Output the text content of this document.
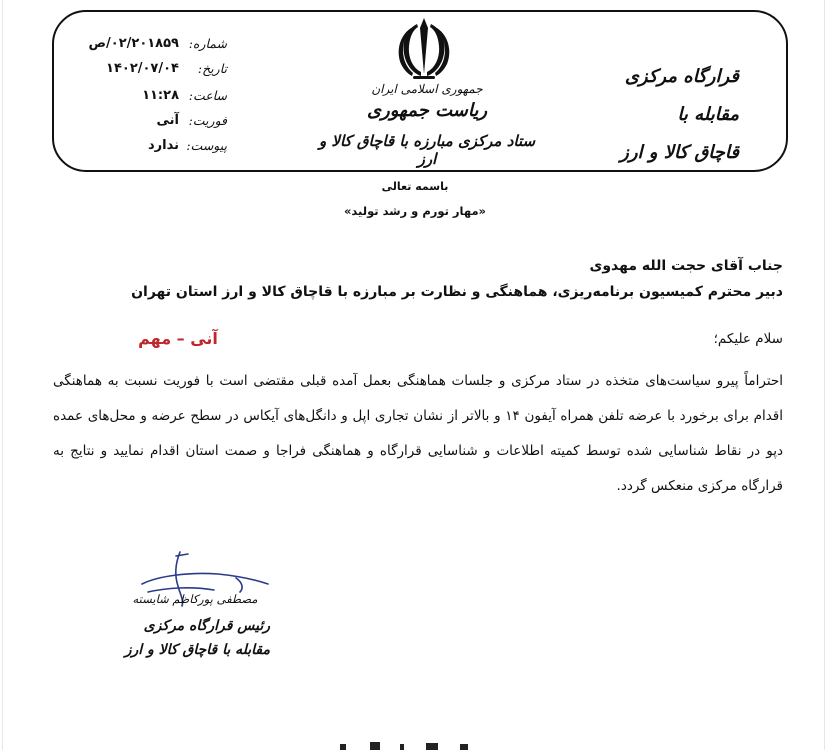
شماره:
۰۲/۲۰۱۸۵۹/ص
تاریخ:
۱۴۰۲/۰۷/۰۴
ساعت:
۱۱:۲۸
فوریت:
آنی
پیوست:
ندارد
جمهوری اسلامی ایران
ریاست جمهوری
ستاد مرکزی مبارزه با قاچاق کالا و ارز
قرارگاه مرکزی مقابله با
قاچاق کالا و ارز
باسمه تعالی
«مهار تورم و رشد تولید»
جناب آقای حجت الله مهدوی
دبیر محترم کمیسیون برنامه‌ریزی، هماهنگی و نظارت بر مبارزه با قاچاق کالا و ارز استان تهران
آنی – مهم	سلام علیکم؛
احتراماً پیرو سیاست‌های متخذه در ستاد مرکزی و جلسات هماهنگی بعمل آمده قبلی مقتضی است با فوریت نسبت به هماهنگی اقدام برای برخورد با عرضه تلفن همراه آیفون ۱۴ و بالاتر از نشان تجاری اپل و دانگل‌های آیکاس در سطح عرضه و محل‌های عمده دپو در نقاط شناسایی شده توسط کمیته اطلاعات و شناسایی قرارگاه و هماهنگی فراجا و صمت استان اقدام نمایید و نتایج به قرارگاه مرکزی منعکس گردد.
مصطفی پورکاظم شایسته
رئیس قرارگاه مرکزی
مقابله با قاچاق کالا و ارز
